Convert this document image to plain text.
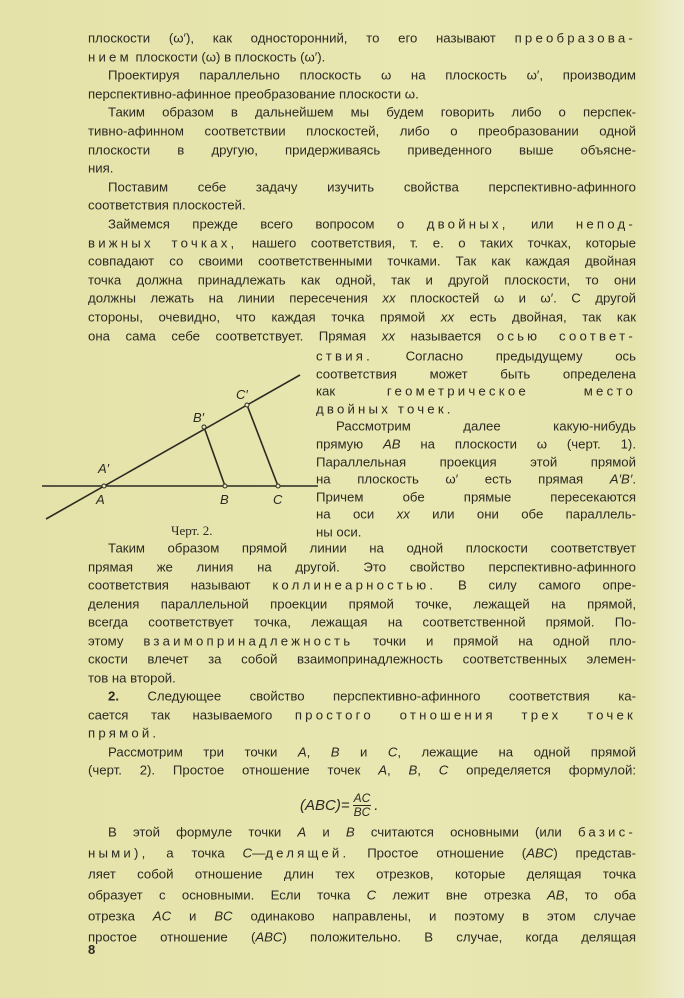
плоскости (ω′), как односторонний, то его называют преобразова-
нием плоскости (ω) в плоскость (ω′).
Проектируя параллельно плоскость ω на плоскость ω′, производим
перспективно-афинное преобразование плоскости ω.
Таким образом в дальнейшем мы будем говорить либо о перспек-
тивно-афинном соответствии плоскостей, либо о преобразовании одной
плоскости в другую, придерживаясь приведенного выше объясне-
ния.
Поставим себе задачу изучить свойства перспективно-афинного
соответствия плоскостей.
Займемся прежде всего вопросом о двойных, или непод-
вижных точках, нашего соответствия, т. е. о таких точках, которые
совпадают со своими соответственными точками. Так как каждая двойная
точка должна принадлежать как одной, так и другой плоскости, то они
должны лежать на линии пересечения xx плоскостей ω и ω′. С другой
стороны, очевидно, что каждая точка прямой xx есть двойная, так как
она сама себе соответствует. Прямая xx называется осью соответ-
ствия. Согласно предыдущему ось
соответствия может быть определена
как геометрическое место
двойных точек.
Рассмотрим далее какую-нибудь
прямую AB на плоскости ω (черт. 1).
Параллельная проекция этой прямой
на плоскость ω′ есть прямая A′B′.
Причем обе прямые пересекаются
на оси xx или они обе параллель-
ны оси.
Таким образом прямой линии на одной плоскости соответствует
прямая же линия на другой. Это свойство перспективно-афинного
соответствия называют коллинеарностью. В силу самого опре-
деления параллельной проекции прямой точке, лежащей на прямой,
всегда соответствует точка, лежащая на соответственной прямой. По-
этому взаимопринадлежность точки и прямой на одной пло-
скости влечет за собой взаимопринадлежность соответственных элемен-
тов на второй.
2. Следующее свойство перспективно-афинного соответствия ка-
сается так называемого простого отношения трех точек
прямой.
Рассмотрим три точки A, B и C, лежащие на одной прямой
(черт. 2). Простое отношение точек A, B, C определяется формулой:
В этой формуле точки A и B считаются основными (или базис-
ными), а точка C—делящей. Простое отношение (ABC) представ-
ляет собой отношение длин тех отрезков, которые делящая точка
образует с основными. Если точка C лежит вне отрезка AB, то оба
отрезка AC и BC одинаково направлены, и поэтому в этом случае
простое отношение (ABC) положительно. В случае, когда делящая
A	B	C
A′
B′
C′
Черт. 2.
$(ABC)= \frac{AC}{BC}$ .
8
